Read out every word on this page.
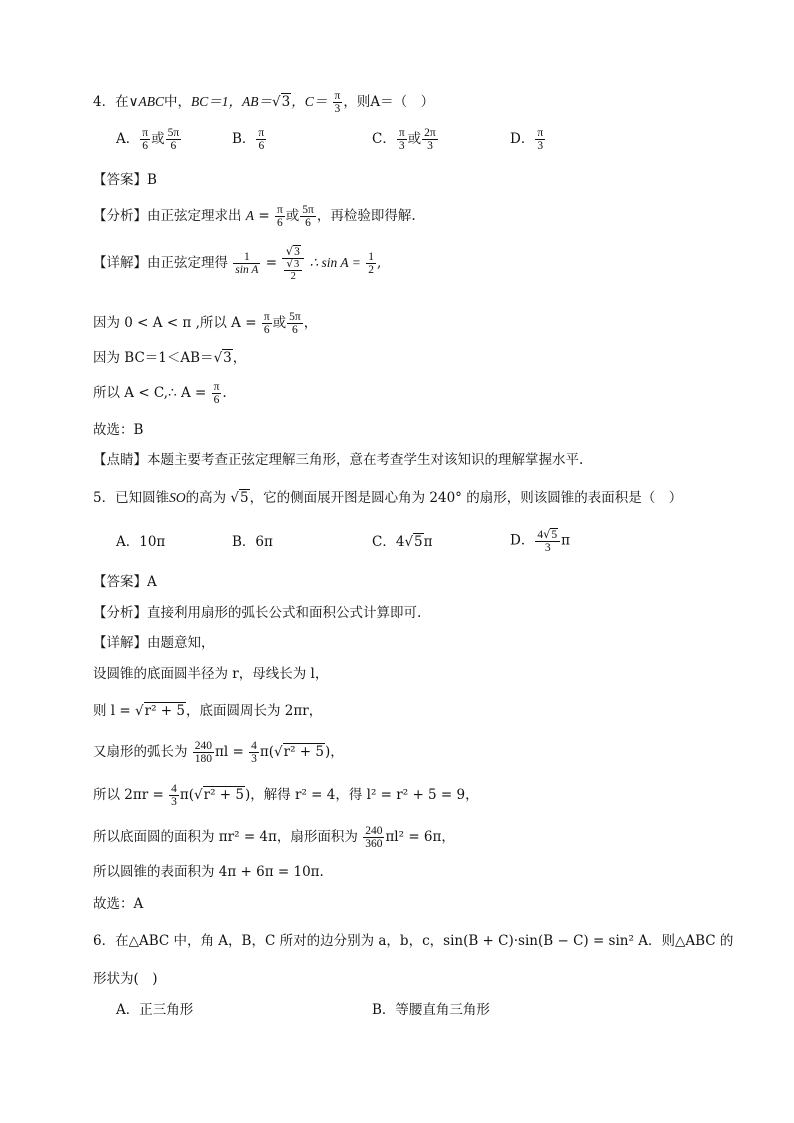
4．在∨ABC中，BC＝1，AB＝√3，$C= \frac{\pi}{3}$ ，则A＝（　）
A． $\frac{\pi}{6}$ 或 $\frac{5\pi}{6}$	B． $\frac{\pi}{6}$	C． $\frac{\pi}{3}$ 或 $\frac{2\pi}{3}$	D． $\frac{\pi}{3}$
【答案】B
【分析】由正弦定理求出 $A = \frac{\pi}{6}$ 或 $\frac{5\pi}{6}$ ，再检验即得解.
【详解】由正弦定理得 $\frac{1}{\text{sin A}} = \frac{√3}{\frac{√3}{2}}$ ∴ $\sin A = \frac{1}{2}$ ,
因为 0 < A < π ,所以 $A = \frac{\pi}{6}$ 或 $\frac{5\pi}{6}$ ，
因为 BC＝1＜AB＝√3，
所以 A < C,∴ $A = \frac{\pi}{6}$ .
故选：B
【点睛】本题主要考查正弦定理解三角形，意在考查学生对该知识的理解掌握水平.
5．已知圆锥SO的高为 √5，它的侧面展开图是圆心角为 240° 的扇形，则该圆锥的表面积是（　）
A．10π	B．6π	C．4√5π	D． $\frac{4√5}{3}$ π
【答案】A
【分析】直接利用扇形的弧长公式和面积公式计算即可.
【详解】由题意知，
设圆锥的底面圆半径为 r，母线长为 l，
则 l = √r² + 5，底面圆周长为 2πr，
又扇形的弧长为 $\frac{240}{180}$ $\pi l = \frac{4}{3} \pi(√r^2 + 5)$，
所以 $2\pi r = \frac{4}{3} \pi(√r^2 + 5)$，解得 r² = 4，得 l² = r² + 5 = 9，
所以底面圆的面积为 πr² = 4π，扇形面积为 $\frac{240}{360} \pi l^2 = 6\pi$，
所以圆锥的表面积为 4π + 6π = 10π.
故选：A
6．在△ABC 中，角 A，B，C 所对的边分别为 a，b，c，sin(B + C)·sin(B − C) = sin² A．则△ABC 的
形状为(　)
A．正三角形	B．等腰直角三角形
